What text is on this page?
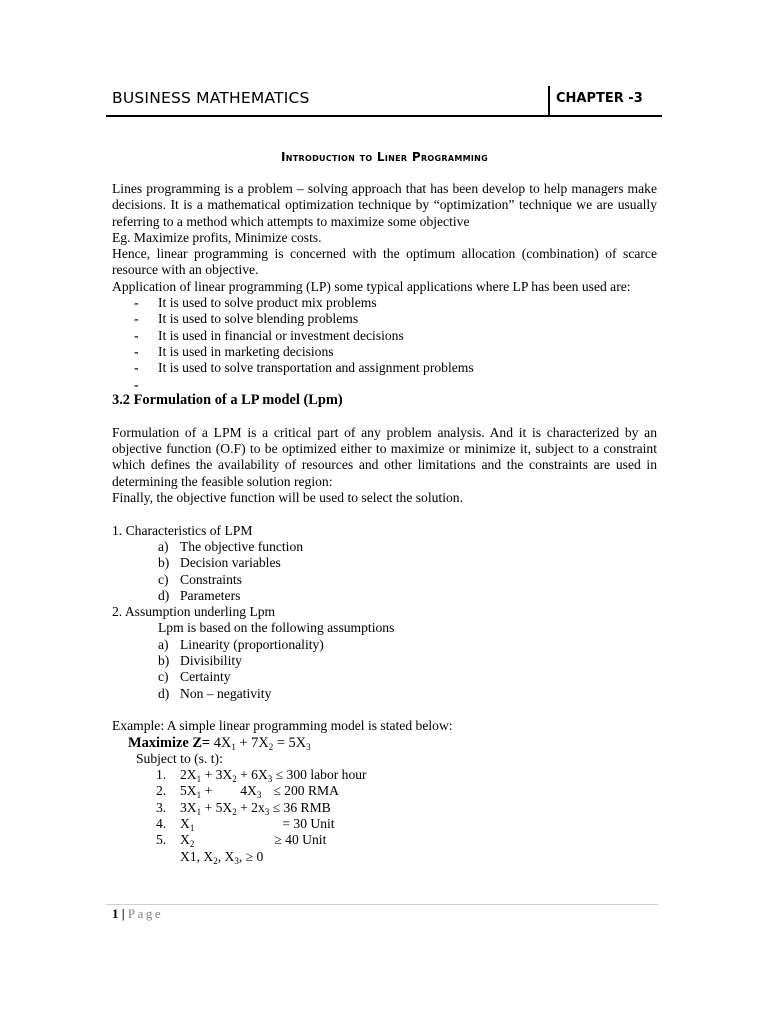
BUSINESS MATHEMATICS	CHAPTER -3
Introduction to Liner Programming

Lines programming is a problem – solving approach that has been develop to help managers make decisions. It is a mathematical optimization technique by “optimization” technique we are usually referring to a method which attempts to maximize some objective

Eg. Maximize profits, Minimize costs.

Hence, linear programming is concerned with the optimum allocation (combination) of scarce resource with an objective.

Application of linear programming (LP) some typical applications where LP has been used are:

- It is used to solve product mix problems
- It is used to solve blending problems
- It is used in financial or investment decisions
- It is used in marketing decisions
- It is used to solve transportation and assignment problems
-

3.2 Formulation of a LP model (Lpm)

Formulation of a LPM is a critical part of any problem analysis. And it is characterized by an objective function (O.F) to be optimized either to maximize or minimize it, subject to a constraint which defines the availability of resources and other limitations and the constraints are used in determining the feasible solution region:

Finally, the objective function will be used to select the solution.

1. Characteristics of LPM

a) The objective function
b) Decision variables
c) Constraints
d) Parameters

2. Assumption underling Lpm

Lpm is based on the following assumptions

a) Linearity (proportionality)
b) Divisibility
c) Certainty
d) Non – negativity

Example: A simple linear programming model is stated below:

Maximize $Z= 4X_1 + 7X_2 = 5X_3$

Subject to (s. t):

1. $2X_1 + 3X_2 + 6X_3 \le 300$ labor hour
2. $5X_1 + 4X_3 \le 200$ RMA
3. $3X_1 + 5X_2 + 2x_3 \le 36$ RMB
4. $X_1$	= 30 Unit
5. $X_2$	≥ 40 Unit

X1, $X_2$, $X_3$, ≥ 0

1 | Page
